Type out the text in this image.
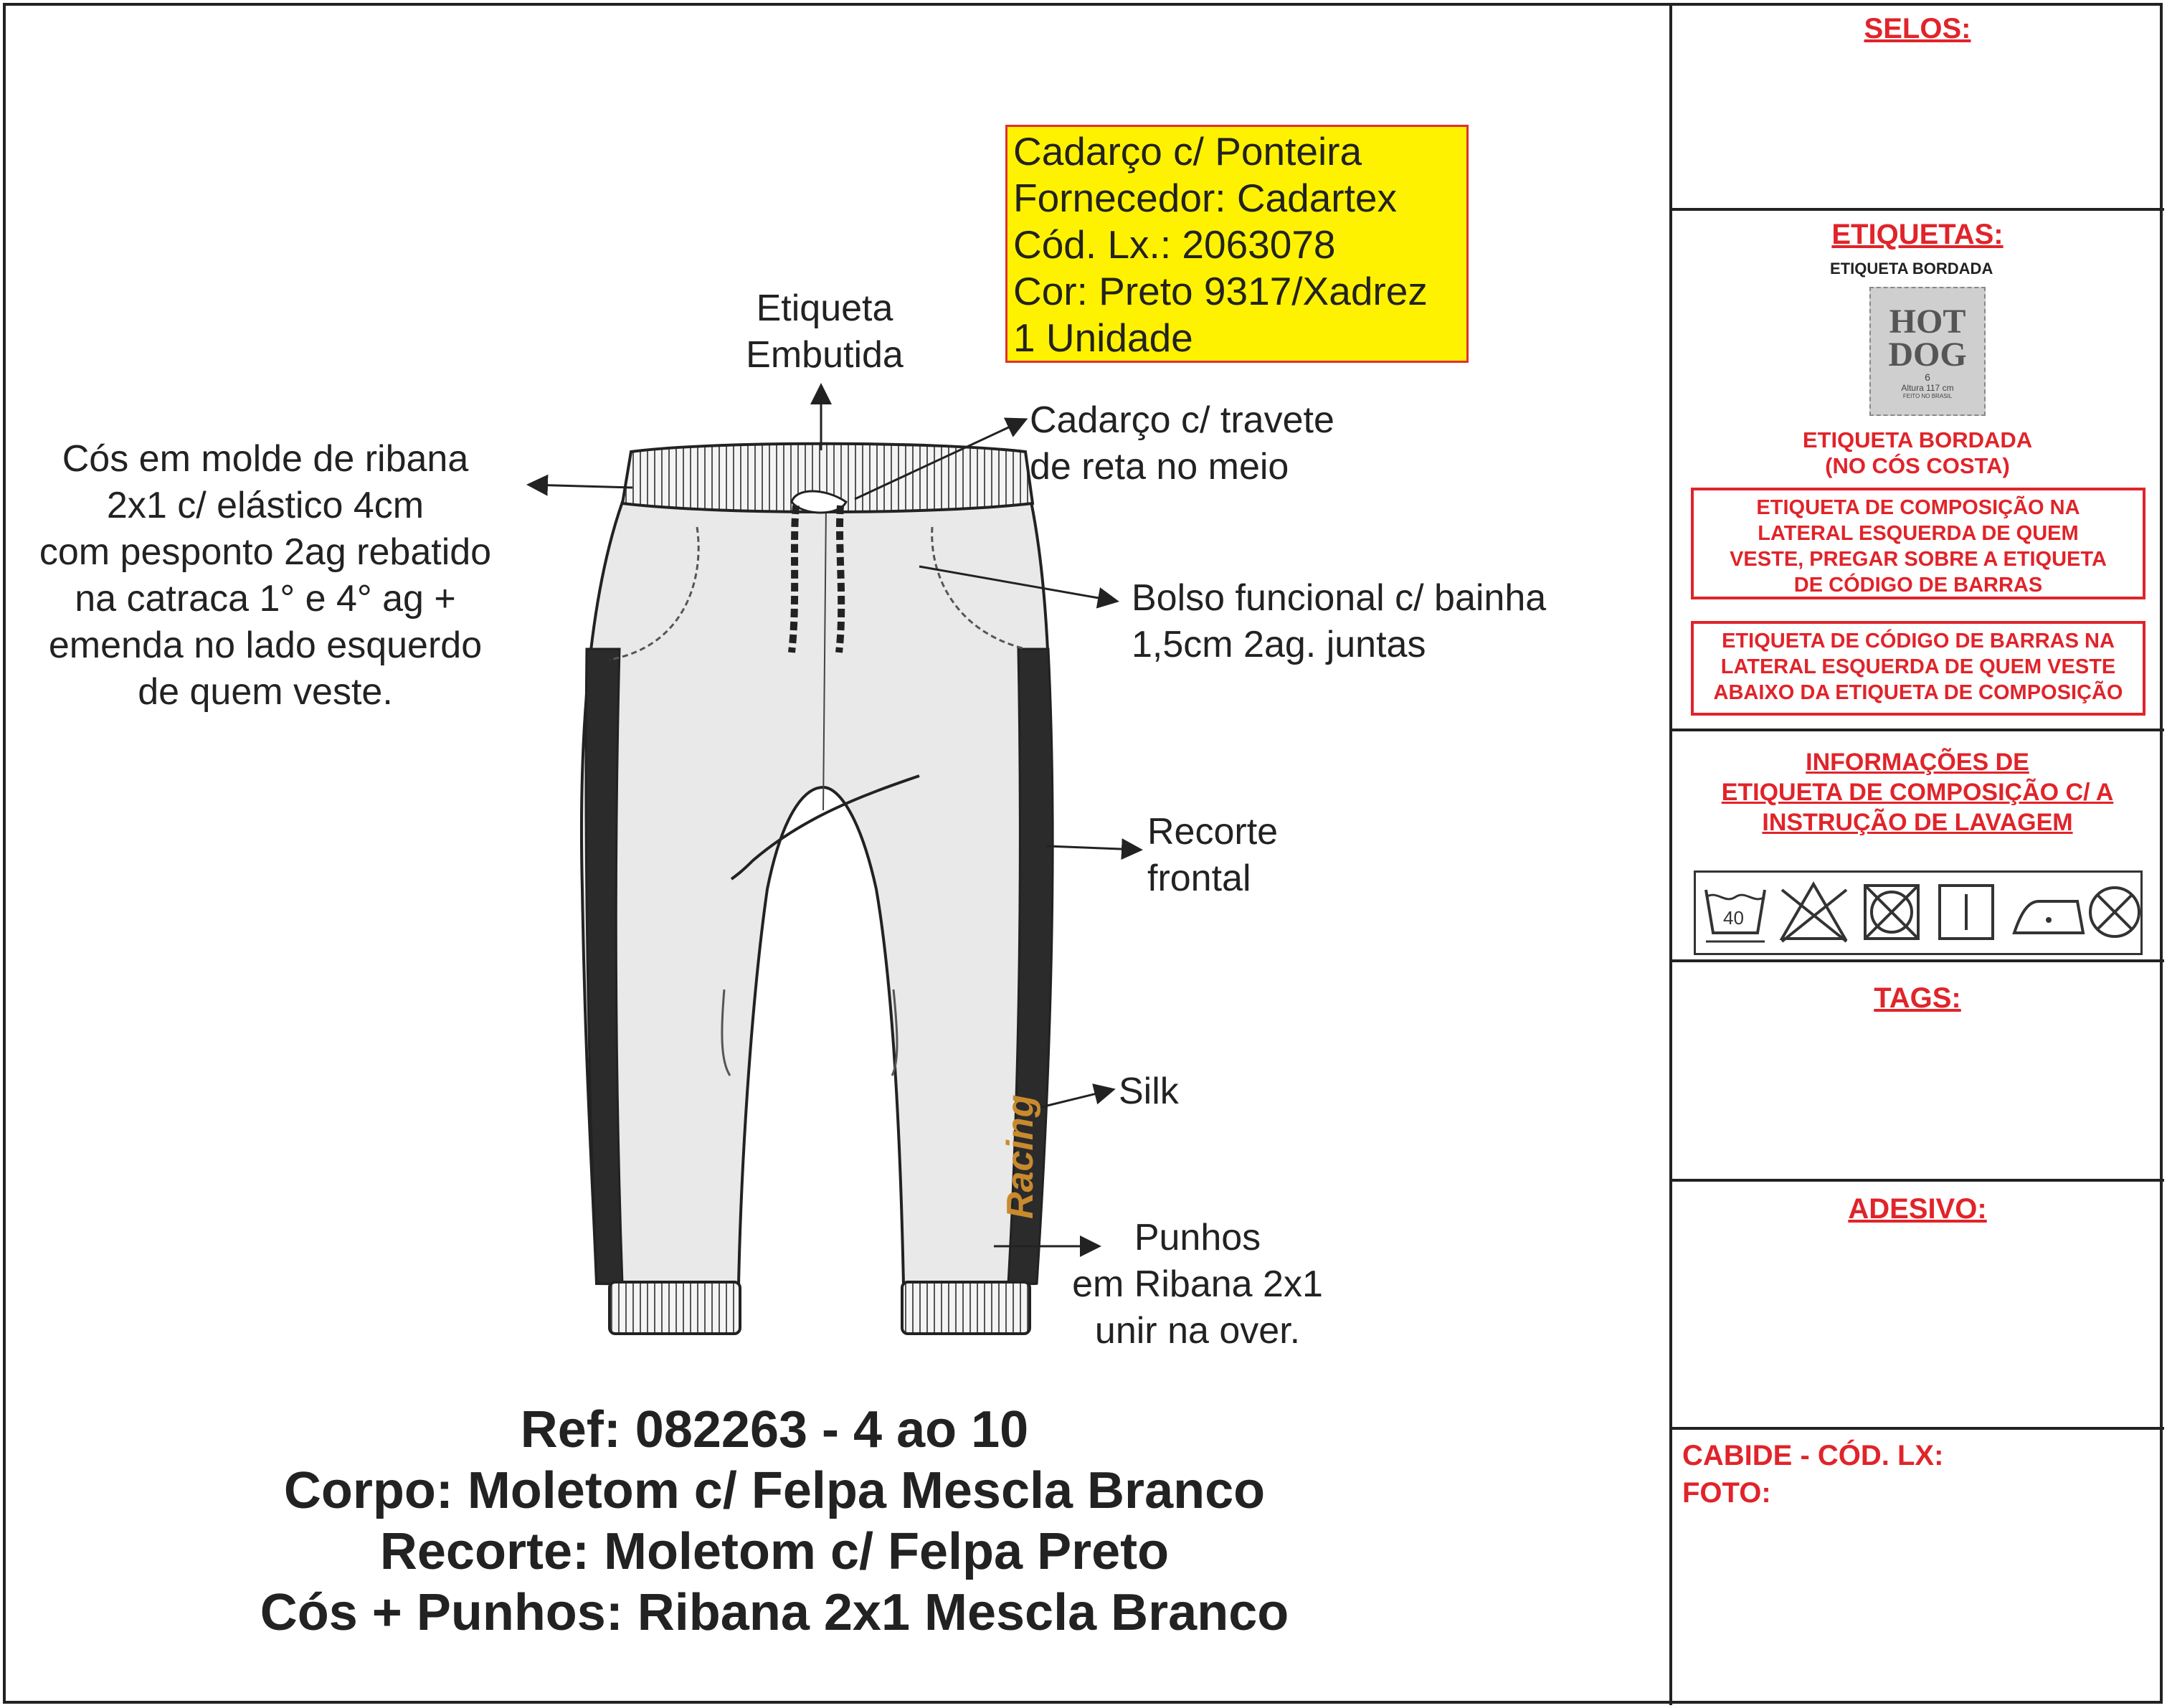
Cadarço c/ Ponteira
Fornecedor: Cadartex
Cód. Lx.: 2063078
Cor: Preto 9317/Xadrez
1 Unidade
Etiqueta
Embutida
Cós em molde de ribana
2x1 c/ elástico 4cm
com pesponto 2ag rebatido
na catraca 1° e 4° ag +
emenda no lado esquerdo
de quem veste.
Cadarço c/ travete
de reta no meio
Bolso funcional c/ bainha
1,5cm 2ag. juntas
Recorte
frontal
Silk
Punhos
em Ribana 2x1
unir na over.
Racing
Ref: 082263 - 4 ao 10
Corpo: Moletom c/ Felpa Mescla Branco
Recorte: Moletom c/ Felpa Preto
Cós + Punhos: Ribana 2x1 Mescla Branco
SELOS:
ETIQUETAS:
ETIQUETA BORDADA
HOT
DOG
6
Altura 117 cm
FEITO NO BRASIL
ETIQUETA BORDADA
(NO CÓS COSTA)
ETIQUETA DE COMPOSIÇÃO NA
LATERAL ESQUERDA DE QUEM
VESTE, PREGAR SOBRE A ETIQUETA
DE CÓDIGO DE BARRAS
ETIQUETA DE CÓDIGO DE BARRAS NA
LATERAL ESQUERDA DE QUEM VESTE
ABAIXO DA ETIQUETA DE COMPOSIÇÃO
INFORMAÇÕES DE
ETIQUETA DE COMPOSIÇÃO C/ A
INSTRUÇÃO DE LAVAGEM
40
TAGS:
ADESIVO:
CABIDE - CÓD. LX:
FOTO:
